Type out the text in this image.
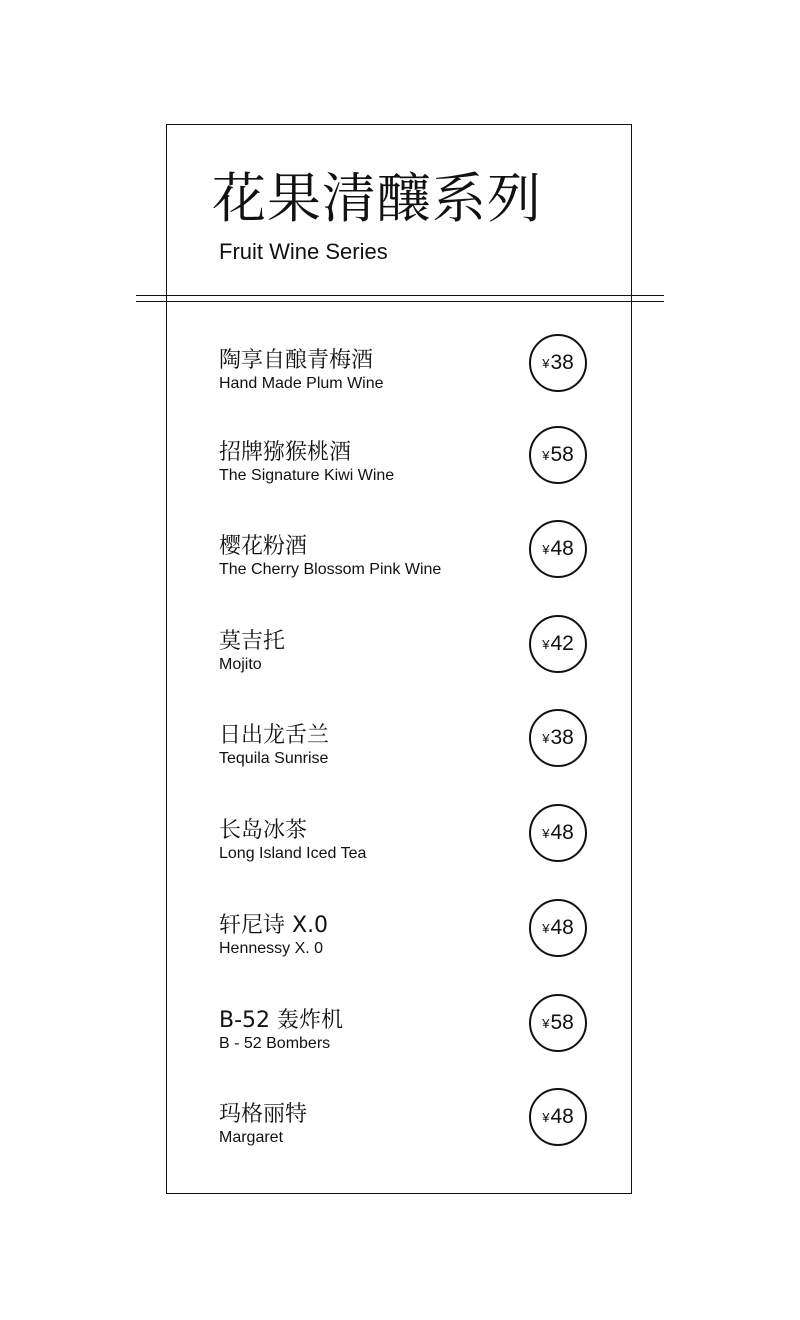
花果清釀系列
Fruit Wine Series
陶享自酿青梅酒
Hand Made Plum Wine
¥38
招牌猕猴桃酒
The Signature Kiwi Wine
¥58
樱花粉酒
The Cherry Blossom Pink Wine
¥48
莫吉托
Mojito
¥42
日出龙舌兰
Tequila Sunrise
¥38
长岛冰茶
Long Island Iced Tea
¥48
轩尼诗 X.0
Hennessy X. 0
¥48
B-52 轰炸机
B - 52 Bombers
¥58
玛格丽特
Margaret
¥48
